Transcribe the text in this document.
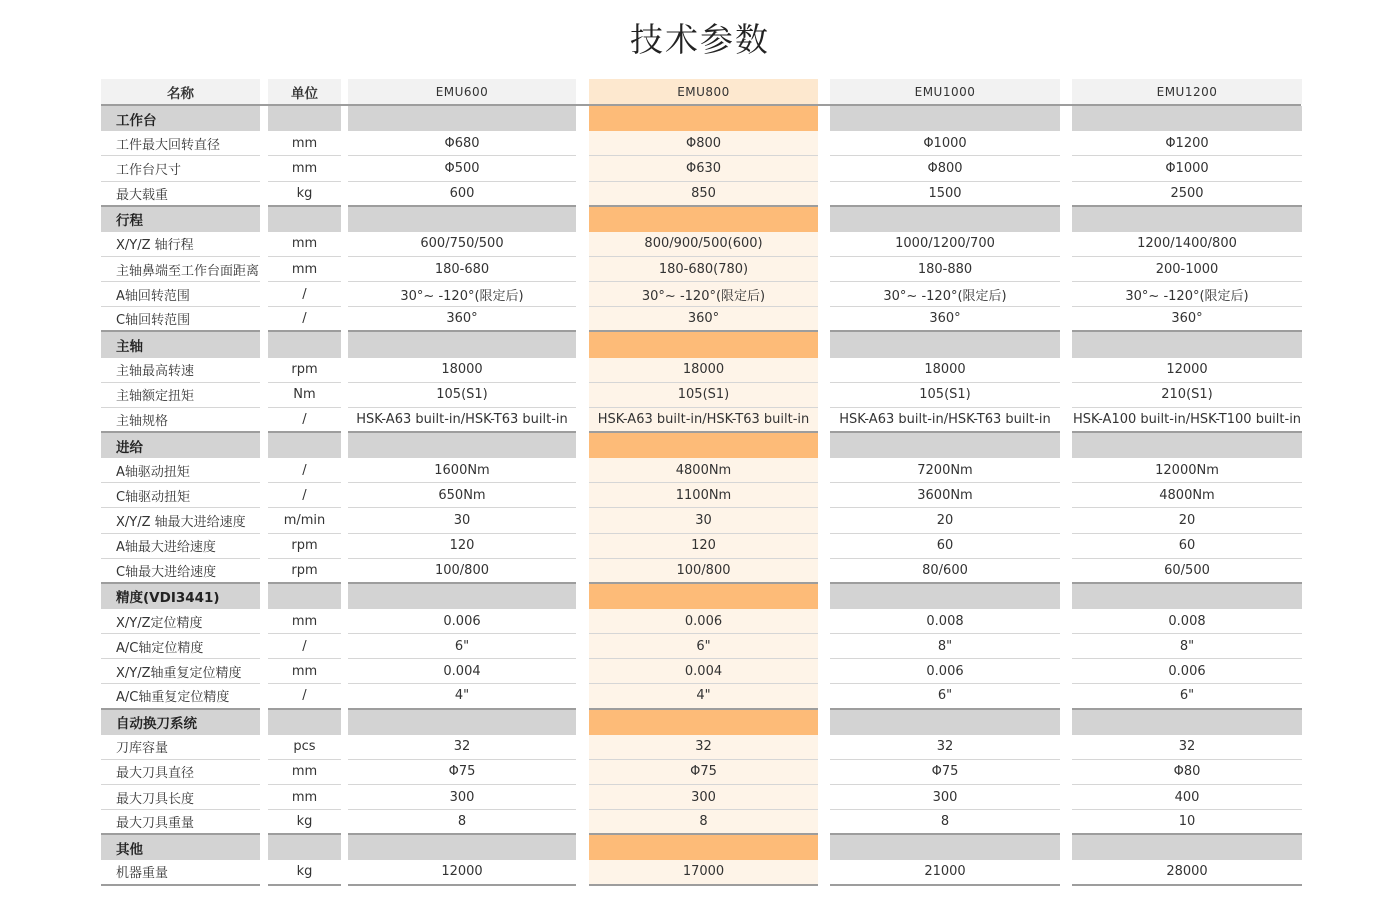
技术参数
名称	单位	EMU600	EMU800	EMU1000	EMU1200
工作台
工件最大回转直径	mm	Φ680	Φ800	Φ1000	Φ1200
工作台尺寸	mm	Φ500	Φ630	Φ800	Φ1000
最大载重	kg	600	850	1500	2500
行程
X/Y/Z 轴行程	mm	600/750/500	800/900/500(600)	1000/1200/700	1200/1400/800
主轴鼻端至工作台面距离	mm	180-680	180-680(780)	180-880	200-1000
A轴回转范围	/	30°~ -120°(限定后)	30°~ -120°(限定后)	30°~ -120°(限定后)	30°~ -120°(限定后)
C轴回转范围	/	360°	360°	360°	360°
主轴
主轴最高转速	rpm	18000	18000	18000	12000
主轴额定扭矩	Nm	105(S1)	105(S1)	105(S1)	210(S1)
主轴规格	/	HSK-A63 built-in/HSK-T63 built-in	HSK-A63 built-in/HSK-T63 built-in	HSK-A63 built-in/HSK-T63 built-in	HSK-A100 built-in/HSK-T100 built-in
进给
A轴驱动扭矩	/	1600Nm	4800Nm	7200Nm	12000Nm
C轴驱动扭矩	/	650Nm	1100Nm	3600Nm	4800Nm
X/Y/Z 轴最大进给速度	m/min	30	30	20	20
A轴最大进给速度	rpm	120	120	60	60
C轴最大进给速度	rpm	100/800	100/800	80/600	60/500
精度(VDI3441)
X/Y/Z定位精度	mm	0.006	0.006	0.008	0.008
A/C轴定位精度	/	6"	6"	8"	8"
X/Y/Z轴重复定位精度	mm	0.004	0.004	0.006	0.006
A/C轴重复定位精度	/	4"	4"	6"	6"
自动换刀系统
刀库容量	pcs	32	32	32	32
最大刀具直径	mm	Φ75	Φ75	Φ75	Φ80
最大刀具长度	mm	300	300	300	400
最大刀具重量	kg	8	8	8	10
其他
机器重量	kg	12000	17000	21000	28000
